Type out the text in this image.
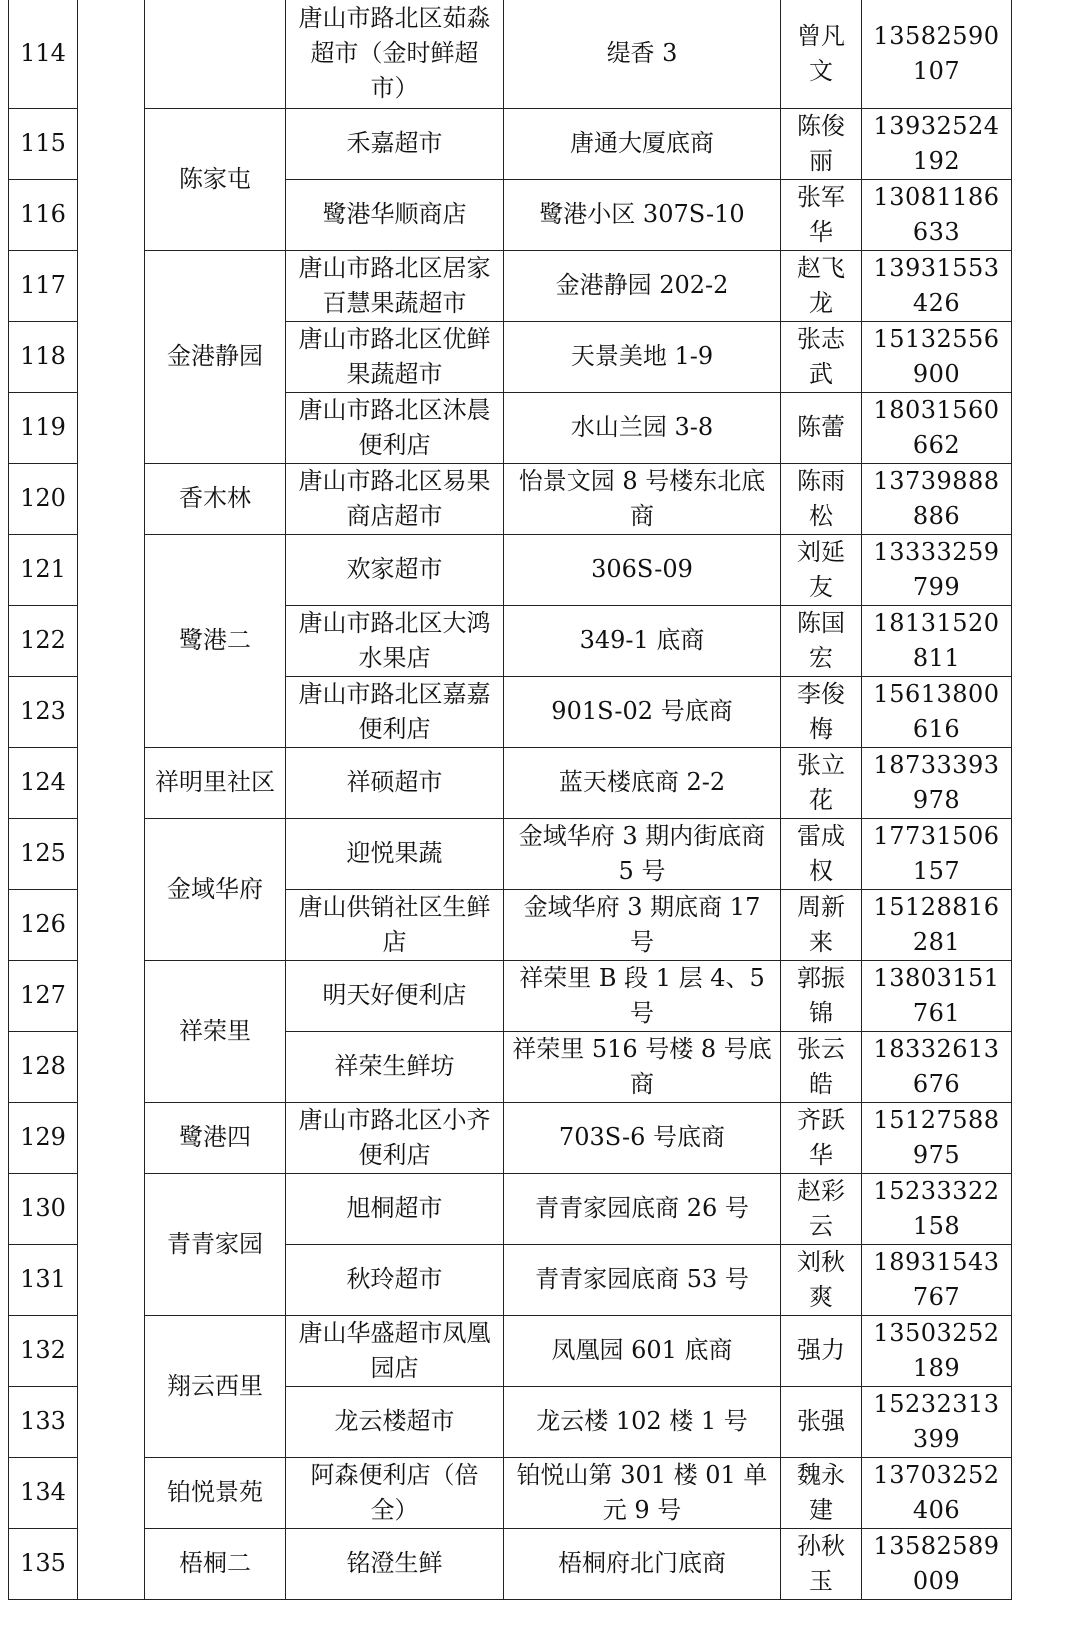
114			唐山市路北区茹淼超市（金时鲜超市）	缇香 3	曾凡文	13582590107
115		陈家屯	禾嘉超市	唐通大厦底商	陈俊丽	13932524192
116			鹭港华顺商店	鹭港小区 307S-10	张军华	13081186633
117		金港静园	唐山市路北区居家百慧果蔬超市	金港静园 202-2	赵飞龙	13931553426
118			唐山市路北区优鲜果蔬超市	天景美地 1-9	张志武	15132556900
119			唐山市路北区沐晨便利店	水山兰园 3-8	陈蕾	18031560662
120		香木林	唐山市路北区易果商店超市	怡景文园 8 号楼东北底商	陈雨松	13739888886
121		鹭港二	欢家超市	306S-09	刘延友	13333259799
122			唐山市路北区大鸿水果店	349-1 底商	陈国宏	18131520811
123			唐山市路北区嘉嘉便利店	901S-02 号底商	李俊梅	15613800616
124		祥明里社区	祥硕超市	蓝天楼底商 2-2	张立花	18733393978
125		金域华府	迎悦果蔬	金域华府 3 期内街底商 5 号	雷成权	17731506157
126			唐山供销社区生鲜店	金域华府 3 期底商 17 号	周新来	15128816281
127		祥荣里	明天好便利店	祥荣里 B 段 1 层 4、5 号	郭振锦	13803151761
128			祥荣生鲜坊	祥荣里 516 号楼 8 号底商	张云皓	18332613676
129		鹭港四	唐山市路北区小齐便利店	703S-6 号底商	齐跃华	15127588975
130		青青家园	旭桐超市	青青家园底商 26 号	赵彩云	15233322158
131			秋玲超市	青青家园底商 53 号	刘秋爽	18931543767
132		翔云西里	唐山华盛超市凤凰园店	凤凰园 601 底商	强力	13503252189
133			龙云楼超市	龙云楼 102 楼 1 号	张强	15232313399
134		铂悦景苑	阿森便利店（倍全）	铂悦山第 301 楼 01 单元 9 号	魏永建	13703252406
135		梧桐二	铭澄生鲜	梧桐府北门底商	孙秋玉	13582589009
